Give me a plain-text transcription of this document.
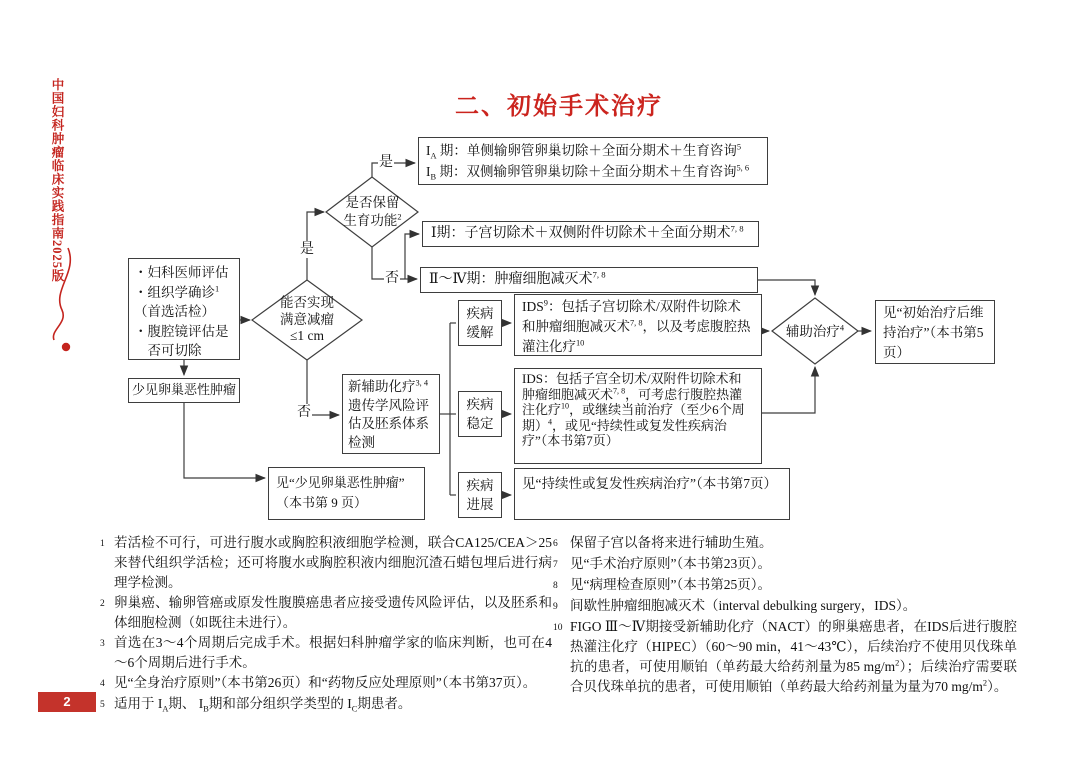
中国妇科肿瘤临床实践指南2025版	二、初始手术治疗
・妇科医师评估
・组织学确诊$^1$
（首选活检）
・腹腔镜评估是
　否可切除
少见卵巢恶性肿瘤
见“少见卵巢恶性肿瘤”
（本书第 9 页）
$I_A$ 期：单侧输卵管卵巢切除＋全面分期术＋生育咨询$^5$
$I_B$ 期：双侧输卵管卵巢切除＋全面分期术＋生育咨询$^{5, 6}$
Ⅰ期：子宫切除术＋双侧附件切除术＋全面分期术$^{7, 8}$
Ⅱ～Ⅳ期：肿瘤细胞减灭术$^{7, 8}$
新辅助化疗$^{3, 4}$遗传学风险评估及胚系体系检测
疾病
缓解
疾病
稳定
疾病
进展
IDS$^9$：包括子宫切除术/双附件切除术和肿瘤细胞减灭术$^{7, 8}$，以及考虑腹腔热灌注化疗$^{10}$
IDS：包括子宫全切术/双附件切除术和肿瘤细胞减灭术$^{7, 8}$，可考虑行腹腔热灌注化疗$^{10}$，或继续当前治疗（至少6个周期）$^4$，或见“持续性或复发性疾病治疗”（本书第7页）
见“持续性或复发性疾病治疗”（本书第7页）
见“初始治疗后维持治疗”（本书第5页）
能否实现
满意减瘤
≤1 cm
是否保留
生育功能$^2$
辅助治疗$^4$
是
是
否
否
1 若活检不可行，可进行腹水或胸腔积液细胞学检测，联合CA125/CEA＞25来替代组织学活检；还可将腹水或胸腔积液内细胞沉渣石蜡包埋后进行病理学检测。
2 卵巢癌、输卵管癌或原发性腹膜癌患者应接受遗传风险评估，以及胚系和体细胞检测（如既往未进行）。
3 首选在3～4个周期后完成手术。根据妇科肿瘤学家的临床判断，也可在4～6个周期后进行手术。
4 见“全身治疗原则”（本书第26页）和“药物反应处理原则”（本书第37页）。
5 适用于 $I_A$期、 $I_B$期和部分组织学类型的 $I_C$期患者。
6 保留子宫以备将来进行辅助生殖。
7 见“手术治疗原则”（本书第23页）。
8 见“病理检查原则”（本书第25页）。
9 间歇性肿瘤细胞减灭术（interval debulking surgery，IDS）。
10 FIGO Ⅲ～Ⅳ期接受新辅助化疗（NACT）的卵巢癌患者，在IDS后进行腹腔热灌注化疗（HIPEC）（60～90 min，41～43℃），后续治疗不使用贝伐珠单抗的患者，可使用顺铂（单药最大给药剂量为85 $mg/m^2$）；后续治疗需要联合贝伐珠单抗的患者，可使用顺铂（单药最大给药剂量为量为70 $mg/m^2$）。
2
